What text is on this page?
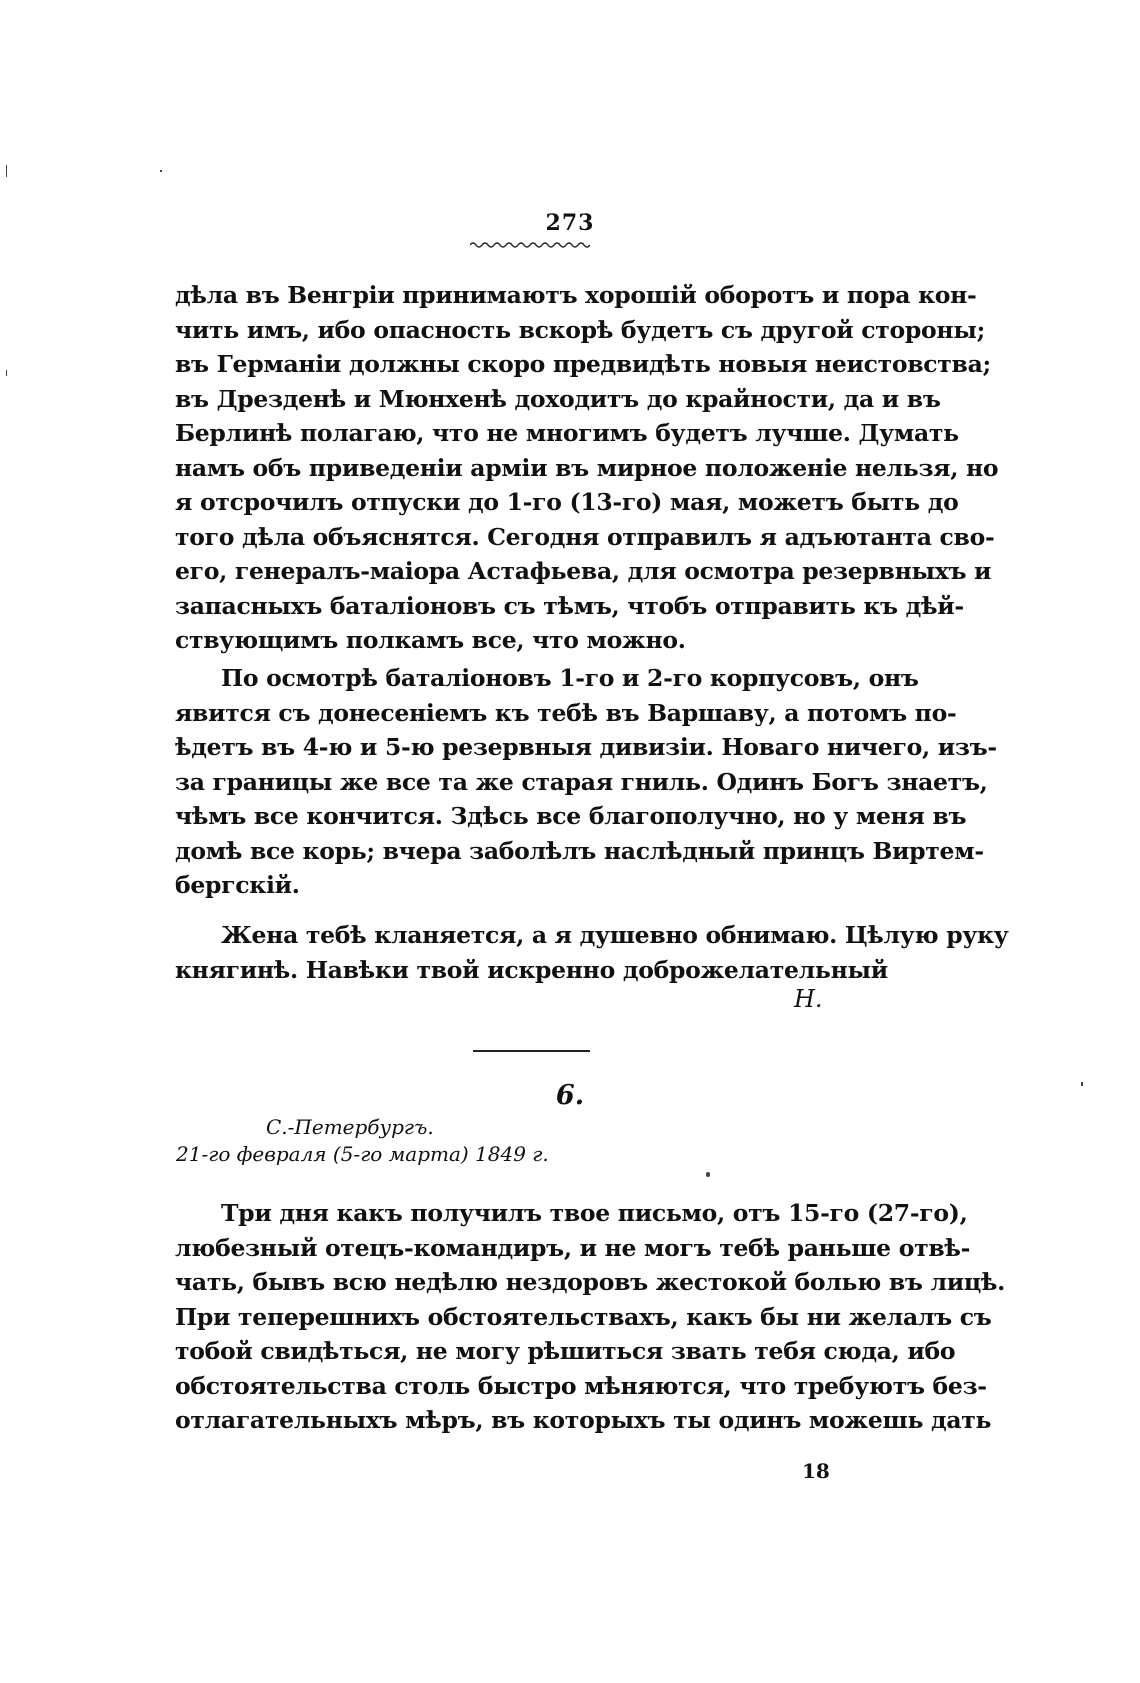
273
дѣла въ Венгріи принимаютъ хорошій оборотъ и пора кон-
чить имъ, ибо опасность вскорѣ будетъ съ другой стороны;
въ Германіи должны скоро предвидѣть новыя неистовства;
въ Дрезденѣ и Мюнхенѣ доходитъ до крайности, да и въ
Берлинѣ полагаю, что не многимъ будетъ лучше. Думать
намъ объ приведеніи арміи въ мирное положеніе нельзя, но
я отсрочилъ отпуски до 1-го (13-го) мая, можетъ быть до
того дѣла объяснятся. Сегодня отправилъ я адъютанта сво-
его, генералъ-маіора Астафьева, для осмотра резервныхъ и
запасныхъ баталіоновъ съ тѣмъ, чтобъ отправить къ дѣй-
ствующимъ полкамъ все, что можно.
По осмотрѣ баталіоновъ 1-го и 2-го корпусовъ, онъ
явится съ донесеніемъ къ тебѣ въ Варшаву, а потомъ по-
ѣдетъ въ 4-ю и 5-ю резервныя дивизіи. Новаго ничего, изъ-
за границы же все та же старая гниль. Одинъ Богъ знаетъ,
чѣмъ все кончится. Здѣсь все благополучно, но у меня въ
домѣ все корь; вчера заболѣлъ наслѣдный принцъ Виртем-
бергскій.
Жена тебѣ кланяется, а я душевно обнимаю. Цѣлую руку
княгинѣ. Навѣки твой искренно доброжелательный
Н.
6.
С.-Петербургъ.
21-го февраля (5-го марта) 1849 г.
Три дня какъ получилъ твое письмо, отъ 15-го (27-го),
любезный отецъ-командиръ, и не могъ тебѣ раньше отвѣ-
чать, бывъ всю недѣлю нездоровъ жестокой болью въ лицѣ.
При теперешнихъ обстоятельствахъ, какъ бы ни желалъ съ
тобой свидѣться, не могу рѣшиться звать тебя сюда, ибо
обстоятельства столь быстро мѣняются, что требуютъ без-
отлагательныхъ мѣръ, въ которыхъ ты одинъ можешь дать
18
